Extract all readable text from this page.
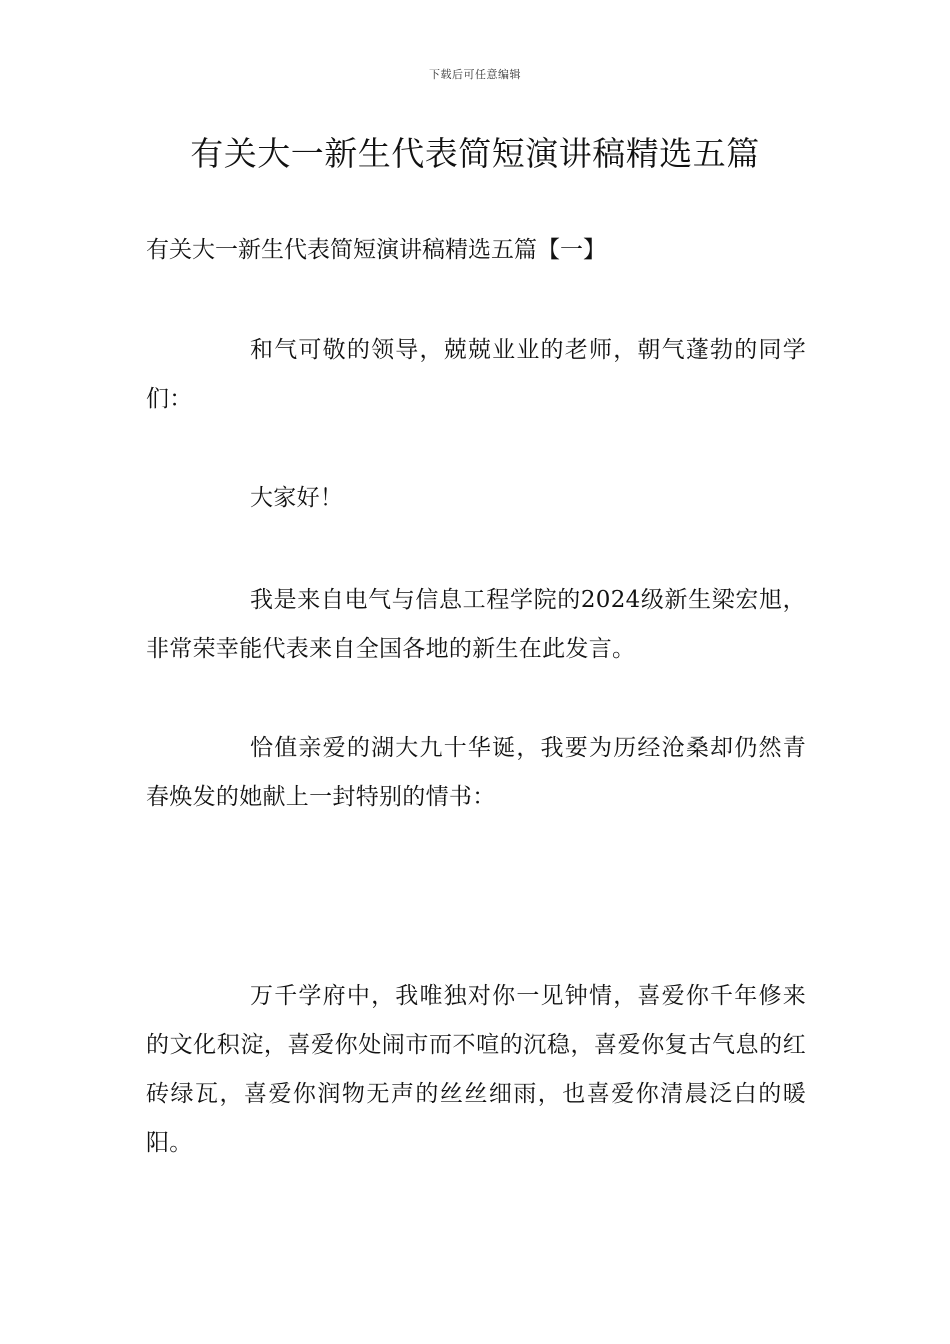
下载后可任意编辑
有关大一新生代表简短演讲稿精选五篇
有关大一新生代表简短演讲稿精选五篇【一】

和气可敬的领导，兢兢业业的老师，朝气蓬勃的同学们：

大家好！

我是来自电气与信息工程学院的2024级新生梁宏旭，非常荣幸能代表来自全国各地的新生在此发言。

恰值亲爱的湖大九十华诞，我要为历经沧桑却仍然青春焕发的她献上一封特别的情书：

万千学府中，我唯独对你一见钟情，喜爱你千年修来的文化积淀，喜爱你处闹市而不喧的沉稳，喜爱你复古气息的红砖绿瓦，喜爱你润物无声的丝丝细雨，也喜爱你清晨泛白的暖阳。
